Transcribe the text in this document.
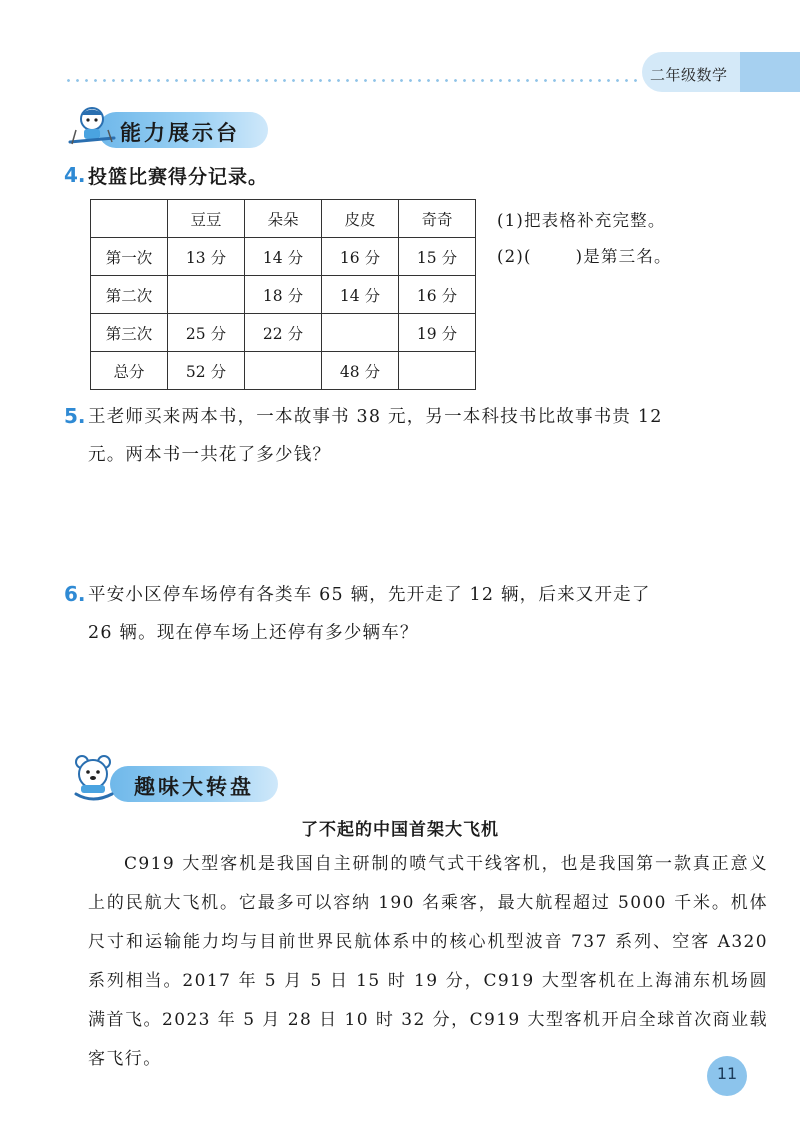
二年级数学
能力展示台
4. 投篮比赛得分记录。
	豆豆	朵朵	皮皮	奇奇
第一次	13 分	14 分	16 分	15 分
第二次		18 分	14 分	16 分
第三次	25 分	22 分		19 分
总分	52 分		48 分	
(1)把表格补充完整。
(2)(	)是第三名。
5. 王老师买来两本书，一本故事书 38 元，另一本科技书比故事书贵 12
元。两本书一共花了多少钱？
6. 平安小区停车场停有各类车 65 辆，先开走了 12 辆，后来又开走了
26 辆。现在停车场上还停有多少辆车？
趣味大转盘
了不起的中国首架大飞机
C919 大型客机是我国自主研制的喷气式干线客机，也是我国第一款真正意义上的民航大飞机。它最多可以容纳 190 名乘客，最大航程超过 5000 千米。机体尺寸和运输能力均与目前世界民航体系中的核心机型波音 737 系列、空客 A320 系列相当。2017 年 5 月 5 日 15 时 19 分，C919 大型客机在上海浦东机场圆满首飞。2023 年 5 月 28 日 10 时 32 分，C919 大型客机开启全球首次商业载客飞行。
11
